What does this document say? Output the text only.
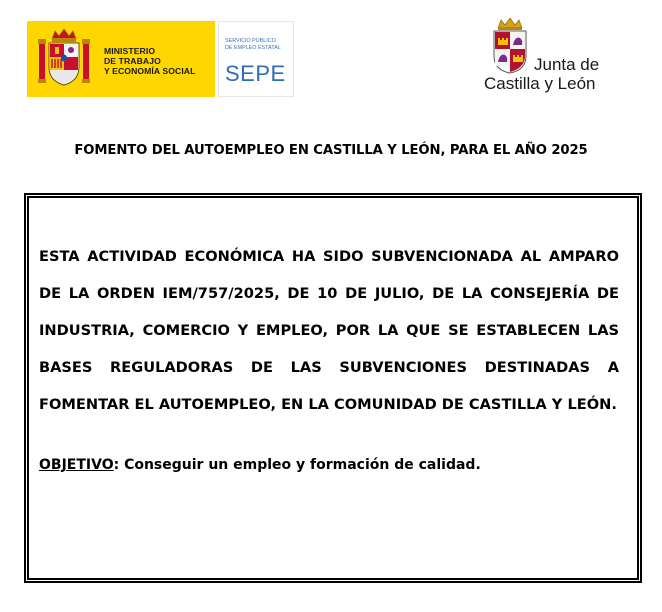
MINISTERIO
DE TRABAJO
Y ECONOMÍA SOCIAL
SERVICIO PÚBLICO
DE EMPLEO ESTATAL
SEPE	Junta de
Castilla y León
FOMENTO DEL AUTOEMPLEO EN CASTILLA Y LEÓN, PARA EL AÑO 2025

ESTA ACTIVIDAD ECONÓMICA HA SIDO SUBVENCIONADA AL AMPARO DE LA ORDEN IEM/757/2025, DE 10 DE JULIO, DE LA CONSEJERÍA DE INDUSTRIA, COMERCIO Y EMPLEO, POR LA QUE SE ESTABLECEN LAS BASES REGULADORAS DE LAS SUBVENCIONES DESTINADAS A FOMENTAR EL AUTOEMPLEO, EN LA COMUNIDAD DE CASTILLA Y LEÓN.

OBJETIVO: Conseguir un empleo y formación de calidad.
